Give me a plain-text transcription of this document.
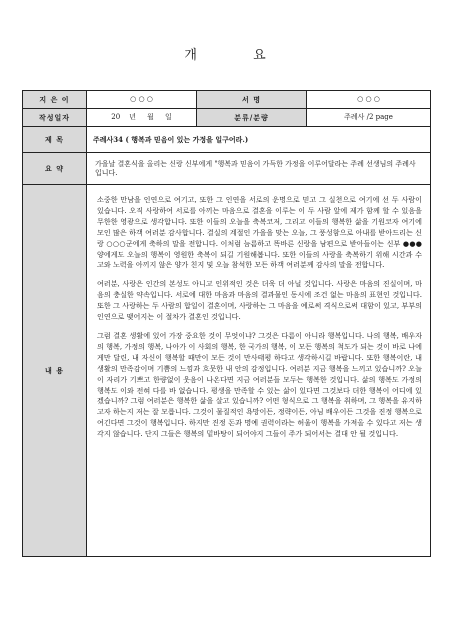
개 요
지 은 이	○ ○ ○	서 명	○ ○ ○
작성일자	20 년 월 일	분류/분량	주례사 /2 page
제 목	주례사34 ( 행복과 믿음이 있는 가정을 일구어라.)		
요 약	가을날 결혼식을 올리는 신랑 신부에게 "행복과 믿음이 가득한 가정을 이루어달라는 주례 선생님의 주례사입니다.		
내 용	소중한 만남을 인연으로 여기고, 또한 그 인연을 서로의 운명으로 믿고 그 실천으로 여기에 선 두 사람이 있습니다. 오직 사랑하여 서로를 아끼는 마음으로 결혼을 이루는 이 두 사람 앞에 제가 함께 할 수 있음을 무한한 영광으로 생각합니다. 또한 이들의 오늘을 축복코저, 그리고 이들의 행복한 삶을 기원코자 여기에 모인 많은 하객 여러분 감사합니다. 결실의 계절인 가을을 맞는 오늘, 그 풍성함으로 아내를 받아드리는 신랑 ○○○군에게 축하의 말을 전합니다. 이처럼 늠름하고 똑바른 신랑을 남편으로 받아들이는 신부 ●●●양에게도 오늘의 행복이 영원한 축복이 되길 기원해봅니다. 또한 이들의 사랑을 축복하기 위해 시간과 수고와 노력을 아끼지 않은 양가 친지 및 오늘 참석한 모든 하객 여러분께 감사의 말을 전합니다.

여러분, 사랑은 인간의 본성도 아니고 인위적인 것은 더욱 더 아닐 것입니다. 사랑은 마음의 진실이며, 마음의 충실한 약속입니다. 서로에 대한 마음과 마음의 결과물인 동시에 조건 없는 마음의 표현인 것입니다. 또한 그 사랑하는 두 사람의 합일이 결혼이며, 사랑하는 그 마음을 예로써 격식으로써 대함이 있고, 부부의 인연으로 맺어지는 이 절차가 결혼인 것입니다.

그럼 결혼 생활에 있어 가장 중요한 것이 무엇이냐? 그것은 다름이 아니라 행복입니다. 나의 행복, 배우자의 행복, 가정의 행복, 나아가 이 사회의 행복, 한 국가의 행복, 이 모든 행복의 척도가 되는 것이 바로 나에게만 달린, 내 자신이 행복할 때만이 모든 것이 만사태평 하다고 생각하시길 바랍니다. 또한 행복이란, 내 생활의 만족감이며 기쁨의 느낌과 흐뭇한 내 안의 감정입니다. 여러분 지금 행복을 느끼고 있습니까? 오늘 이 자리가 기쁘고 한량없이 웃음이 나온다면 지금 여러분들 모두는 행복한 것입니다. 삶의 행복도 가정의 행복도 이와 전혀 다를 바 없습니다. 평생을 만족할 수 있는 삶이 있다면 그것보다 더한 행복이 어디에 있겠습니까? 그럼 여러분은 행복한 삶을 살고 있습니까? 어떤 형식으로 그 행복을 취하며, 그 행복을 유지하고자 하는지 저는 잘 모릅니다. 그것이 물질적인 욕망이든, 정략이든, 아님 배우이든 그것을 진정 행복으로 여긴다면 그것이 행복입니다. 하지만 진정 돈과 명예 권력이라는 허울이 행복을 가져올 수 있다고 저는 생각지 않습니다. 단지 그들은 행복의 밑바탕이 되어야지 그들이 주가 되어서는 결대 안 될 것입니다.		
